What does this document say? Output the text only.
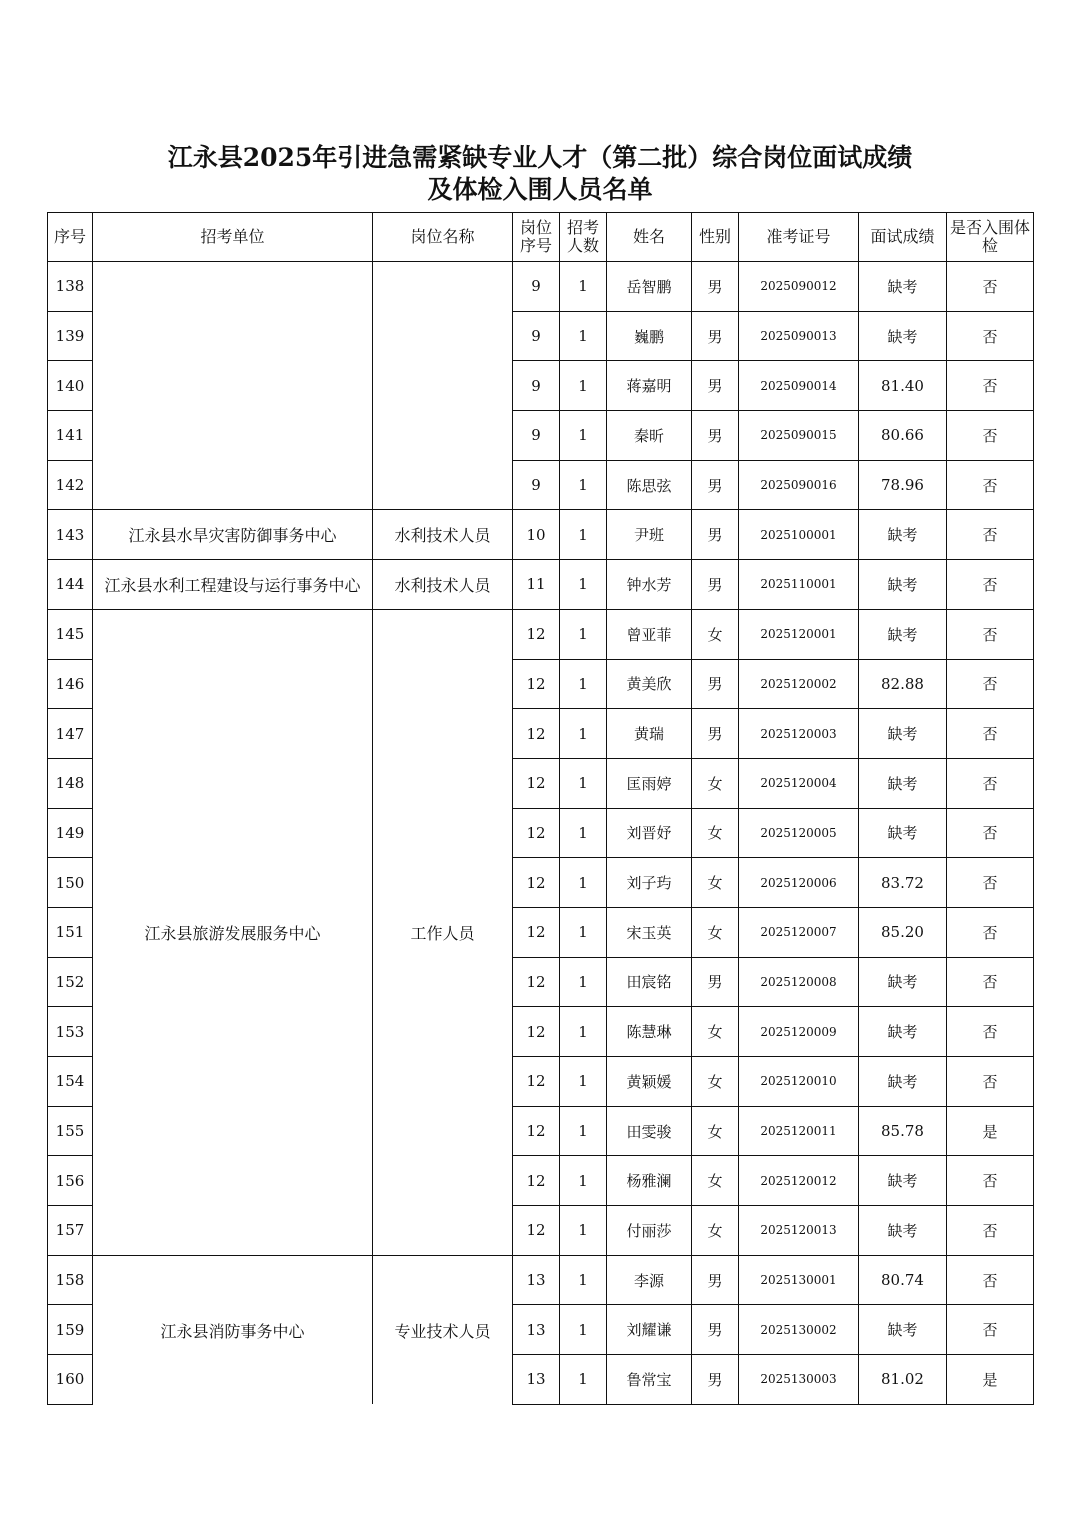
江永县2025年引进急需紧缺专业人才（第二批）综合岗位面试成绩
及体检入围人员名单
序号	招考单位	岗位名称	岗位序号	招考人数	姓名	性别	准考证号	面试成绩	是否入围体检
138			9	1	岳智鹏	男	2025090012	缺考	否
139			9	1	巍鹏	男	2025090013	缺考	否
140			9	1	蒋嘉明	男	2025090014	81.40	否
141			9	1	秦昕	男	2025090015	80.66	否
142			9	1	陈思弦	男	2025090016	78.96	否
143	江永县水旱灾害防御事务中心	水利技术人员	10	1	尹班	男	2025100001	缺考	否
144	江永县水利工程建设与运行事务中心	水利技术人员	11	1	钟水芳	男	2025110001	缺考	否
145	江永县旅游发展服务中心	工作人员	12	1	曾亚菲	女	2025120001	缺考	否
146			12	1	黄美欣	男	2025120002	82.88	否
147			12	1	黄瑞	男	2025120003	缺考	否
148			12	1	匡雨婷	女	2025120004	缺考	否
149			12	1	刘晋妤	女	2025120005	缺考	否
150			12	1	刘子玙	女	2025120006	83.72	否
151			12	1	宋玉英	女	2025120007	85.20	否
152			12	1	田宸铭	男	2025120008	缺考	否
153			12	1	陈慧琳	女	2025120009	缺考	否
154			12	1	黄颖媛	女	2025120010	缺考	否
155			12	1	田雯骏	女	2025120011	85.78	是
156			12	1	杨雅澜	女	2025120012	缺考	否
157			12	1	付丽莎	女	2025120013	缺考	否
158	江永县消防事务中心	专业技术人员	13	1	李源	男	2025130001	80.74	否
159			13	1	刘耀谦	男	2025130002	缺考	否
160			13	1	鲁常宝	男	2025130003	81.02	是
